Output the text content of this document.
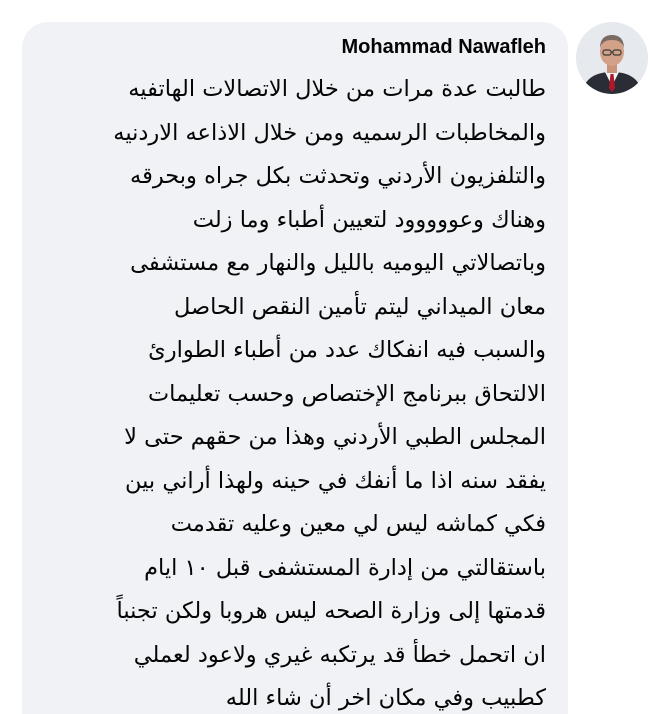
Mohammad Nawafleh
طالبت عدة مرات من خلال الاتصالات الهاتفيه
والمخاطبات الرسميه ومن خلال الاذاعه الاردنيه
والتلفزيون الأردني وتحدثت بكل جراه وبحرقه
وهناك وعووووود لتعيين أطباء وما زلت
وباتصالاتي اليوميه بالليل والنهار مع مستشفى
معان الميداني ليتم تأمين النقص الحاصل
والسبب فيه انفكاك عدد من أطباء الطوارئ
الالتحاق ببرنامج الإختصاص وحسب تعليمات
المجلس الطبي الأردني وهذا من حقهم حتى لا
يفقد سنه اذا ما أنفك في حينه ولهذا أراني بين
فكي كماشه ليس لي معين وعليه تقدمت
باستقالتي من إدارة المستشفى قبل ١٠ ايام
قدمتها إلى وزارة الصحه ليس هروبا ولكن تجنباً
ان اتحمل خطأ قد يرتكبه غيري ولاعود لعملي
كطبيب وفي مكان اخر أن شاء الله
